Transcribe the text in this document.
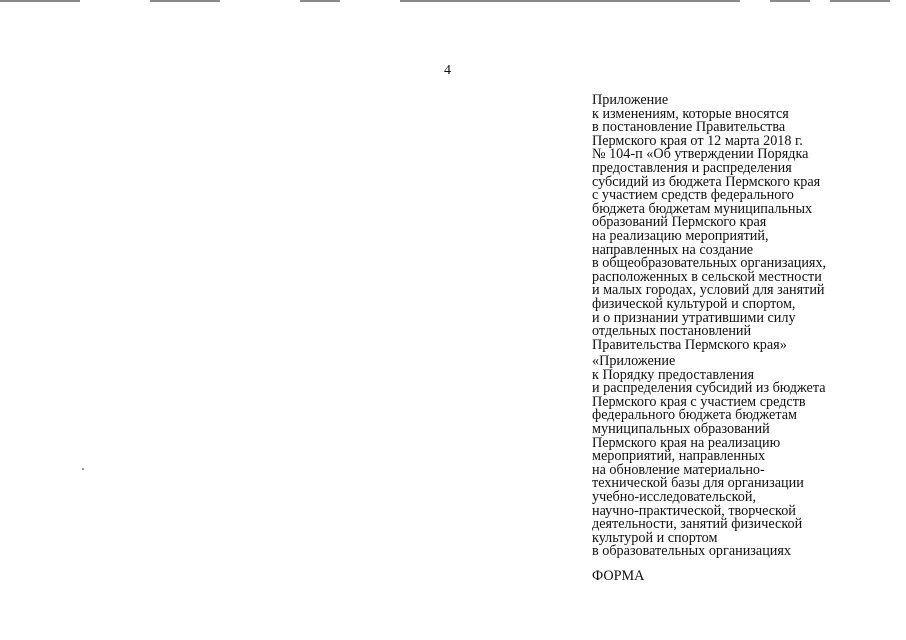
4
Приложение
к изменениям, которые вносятся
в постановление Правительства
Пермского края от 12 марта 2018 г.
№ 104-п «Об утверждении Порядка
предоставления и распределения
субсидий из бюджета Пермского края
с участием средств федерального
бюджета бюджетам муниципальных
образований Пермского края
на реализацию мероприятий,
направленных на создание
в общеобразовательных организациях,
расположенных в сельской местности
и малых городах, условий для занятий
физической культурой и спортом,
и о признании утратившими силу
отдельных постановлений
Правительства Пермского края»
«Приложение
к Порядку предоставления
и распределения субсидий из бюджета
Пермского края с участием средств
федерального бюджета бюджетам
муниципальных образований
Пермского края на реализацию
мероприятий, направленных
на обновление материально-
технической базы для организации
учебно-исследовательской,
научно-практической, творческой
деятельности, занятий физической
культурой и спортом
в образовательных организациях
ФОРМА
